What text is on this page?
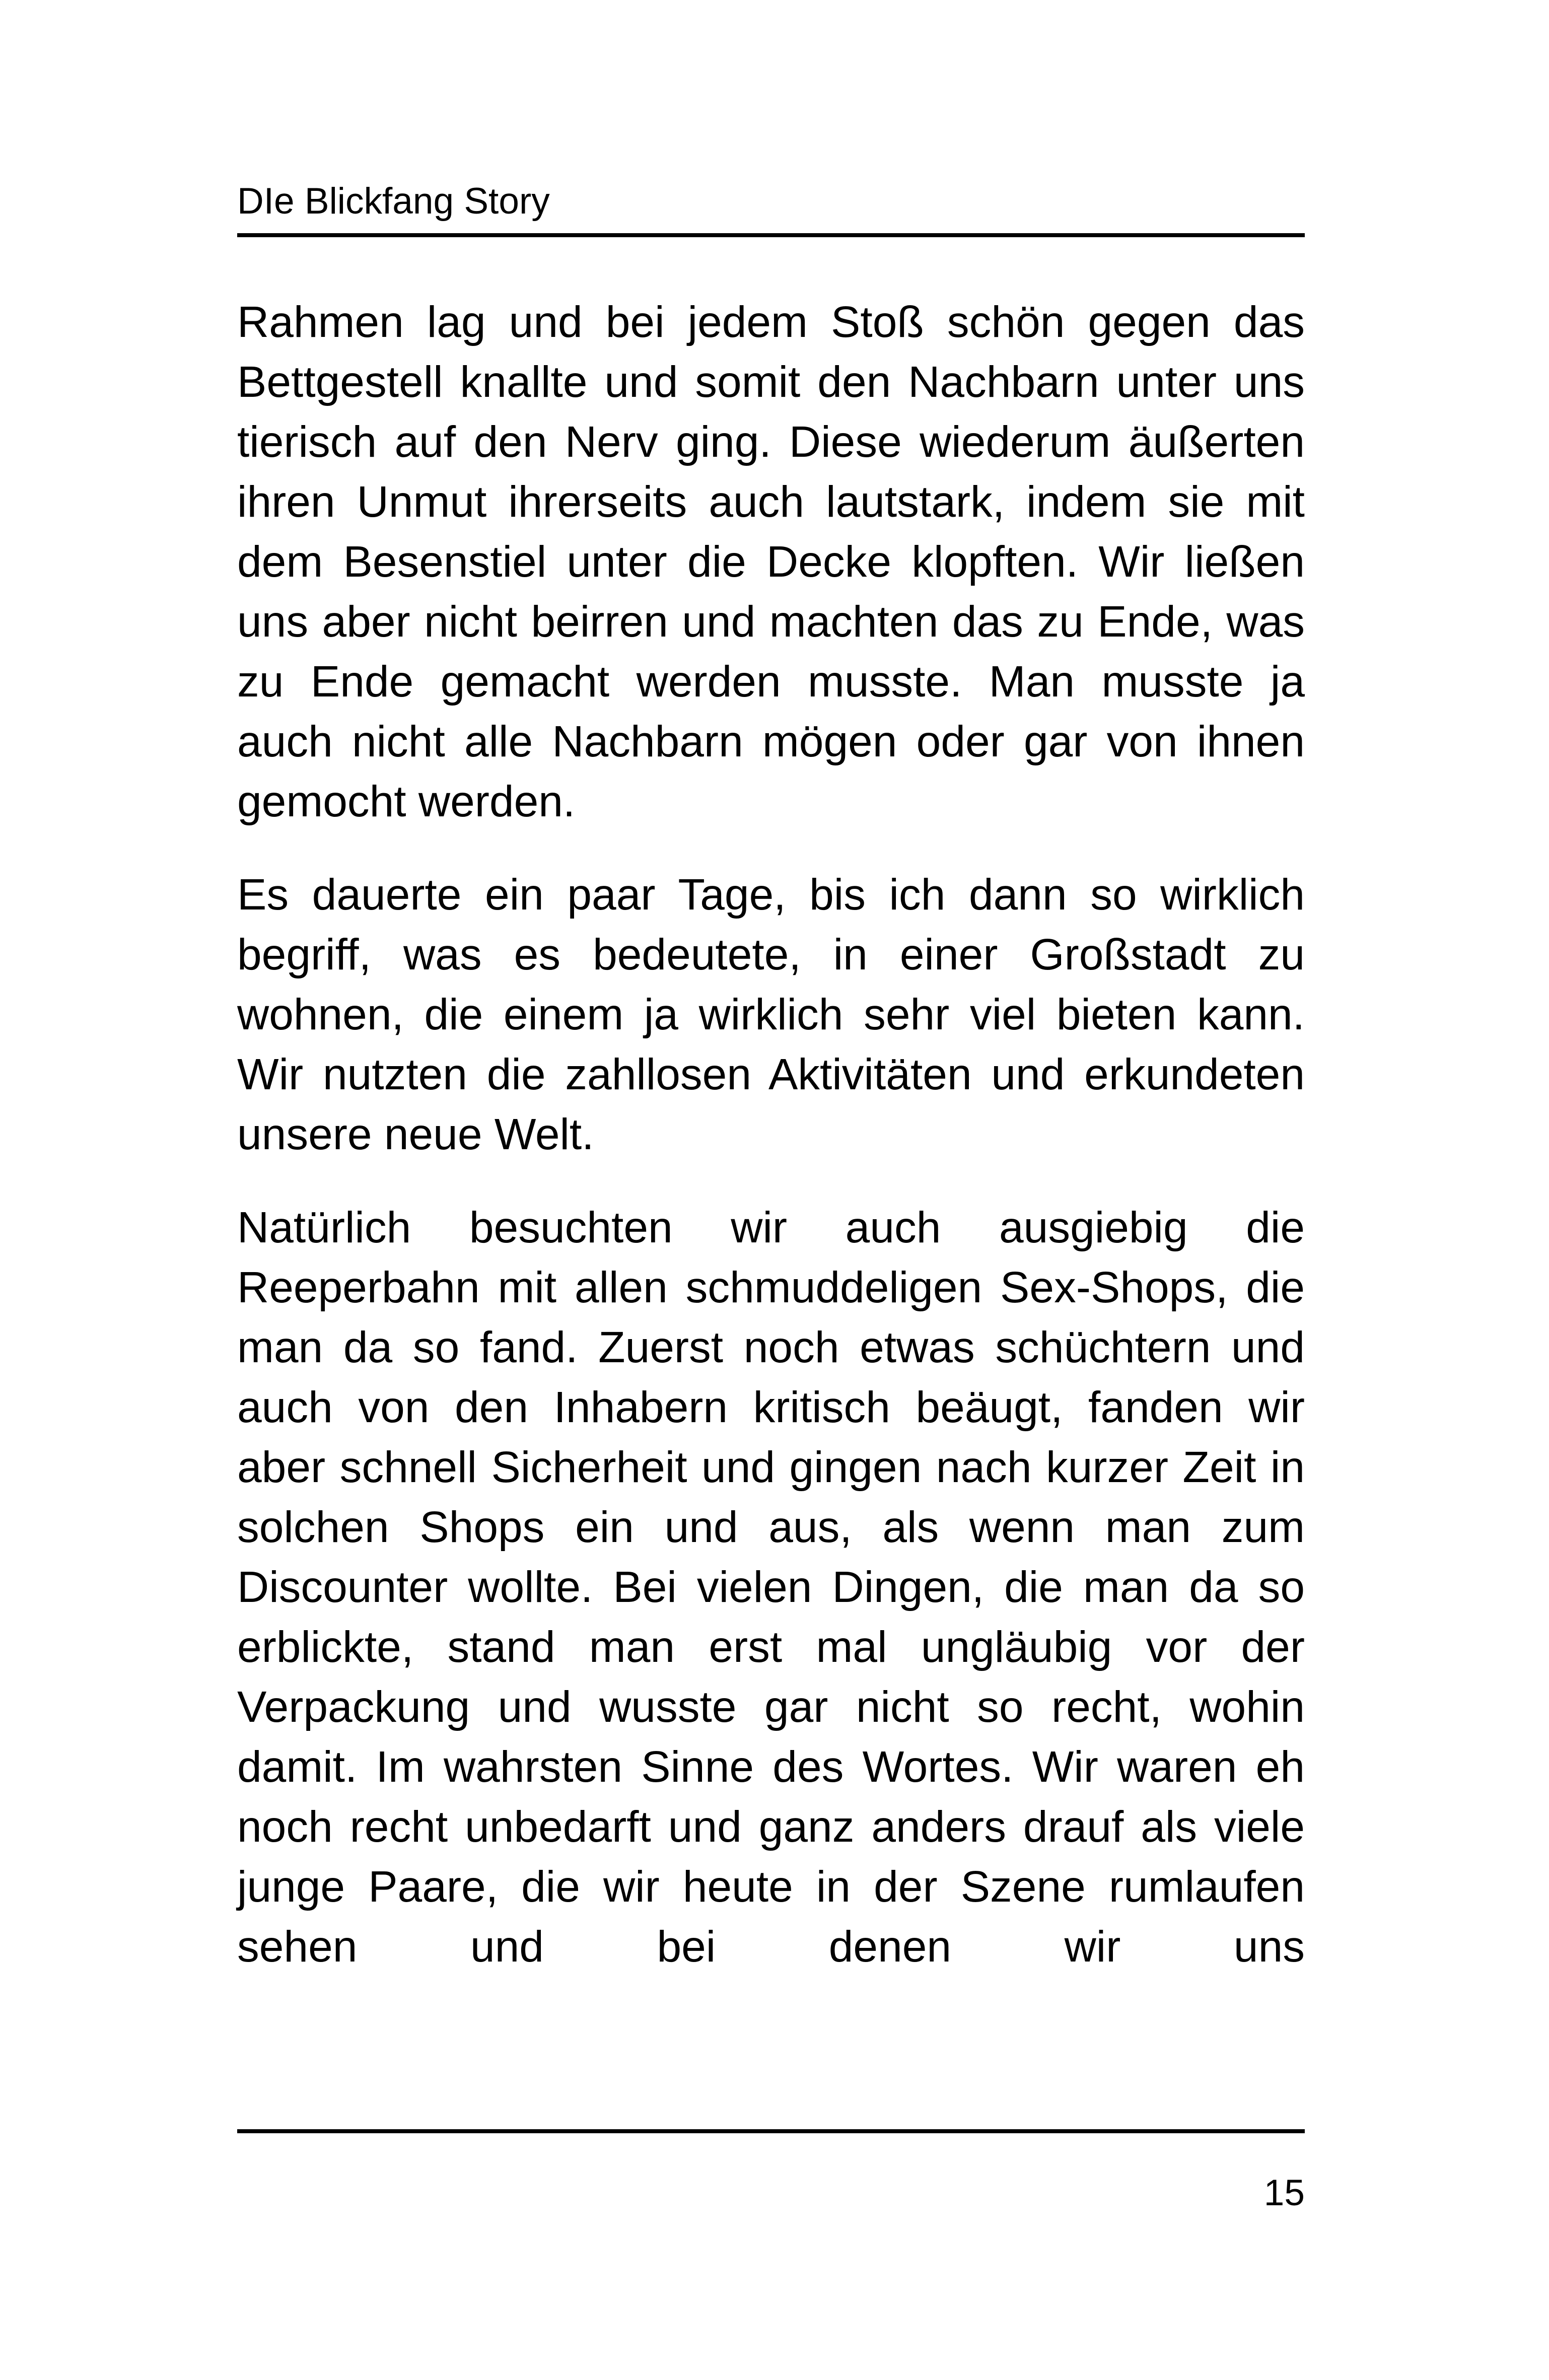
DIe Blickfang Story

Rahmen lag und bei jedem Stoß schön gegen das Bettgestell knallte und somit den Nachbarn unter uns tierisch auf den Nerv ging. Diese wiederum äußerten ihren Unmut ihrerseits auch lautstark, indem sie mit dem Besenstiel unter die Decke klopften. Wir ließen uns aber nicht beirren und machten das zu Ende, was zu Ende gemacht werden musste. Man musste ja auch nicht alle Nachbarn mögen oder gar von ihnen gemocht werden.

Es dauerte ein paar Tage, bis ich dann so wirklich begriff, was es bedeutete, in einer Großstadt zu wohnen, die einem ja wirklich sehr viel bieten kann. Wir nutzten die zahllosen Aktivitäten und erkundeten unsere neue Welt.

Natürlich besuchten wir auch ausgiebig die Reeperbahn mit allen schmuddeligen Sex-Shops, die man da so fand. Zuerst noch etwas schüchtern und auch von den Inhabern kritisch beäugt, fanden wir aber schnell Sicherheit und gingen nach kurzer Zeit in solchen Shops ein und aus, als wenn man zum Discounter wollte. Bei vielen Dingen, die man da so erblickte, stand man erst mal ungläubig vor der Verpackung und wusste gar nicht so recht, wohin damit. Im wahrsten Sinne des Wortes. Wir waren eh noch recht unbedarft und ganz anders drauf als viele junge Paare, die wir heute in der Szene rumlaufen sehen und bei denen wir uns

15
